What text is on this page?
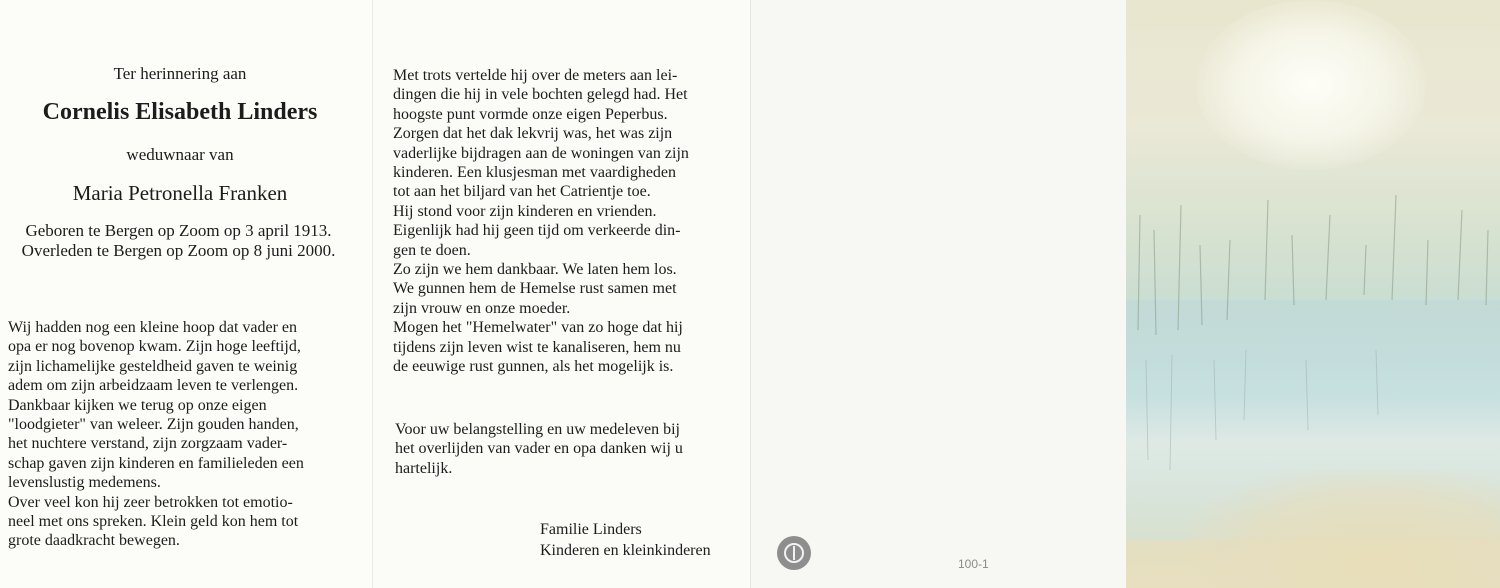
Ter herinnering aan
Cornelis Elisabeth Linders
weduwnaar van
Maria Petronella Franken
Geboren te Bergen op Zoom op 3 april 1913.
Overleden te Bergen op Zoom op 8 juni 2000.

Wij hadden nog een kleine hoop dat vader en

opa er nog bovenop kwam. Zijn hoge leeftijd,

zijn lichamelijke gesteldheid gaven te weinig

adem om zijn arbeidzaam leven te verlengen.

Dankbaar kijken we terug op onze eigen

"loodgieter" van weleer. Zijn gouden handen,

het nuchtere verstand, zijn zorgzaam vader-

schap gaven zijn kinderen en familieleden een

levenslustig medemens.

Over veel kon hij zeer betrokken tot emotio-

neel met ons spreken. Klein geld kon hem tot

grote daadkracht bewegen.

Met trots vertelde hij over de meters aan lei-

dingen die hij in vele bochten gelegd had. Het

hoogste punt vormde onze eigen Peperbus.

Zorgen dat het dak lekvrij was, het was zijn

vaderlijke bijdragen aan de woningen van zijn

kinderen. Een klusjesman met vaardigheden

tot aan het biljard van het Catrientje toe.

Hij stond voor zijn kinderen en vrienden.

Eigenlijk had hij geen tijd om verkeerde din-

gen te doen.

Zo zijn we hem dankbaar. We laten hem los.

We gunnen hem de Hemelse rust samen met

zijn vrouw en onze moeder.

Mogen het "Hemelwater" van zo hoge dat hij

tijdens zijn leven wist te kanaliseren, hem nu

de eeuwige rust gunnen, als het mogelijk is.

Voor uw belangstelling en uw medeleven bij

het overlijden van vader en opa danken wij u

hartelijk.

Familie Linders
Kinderen en kleinkinderen
100-1
